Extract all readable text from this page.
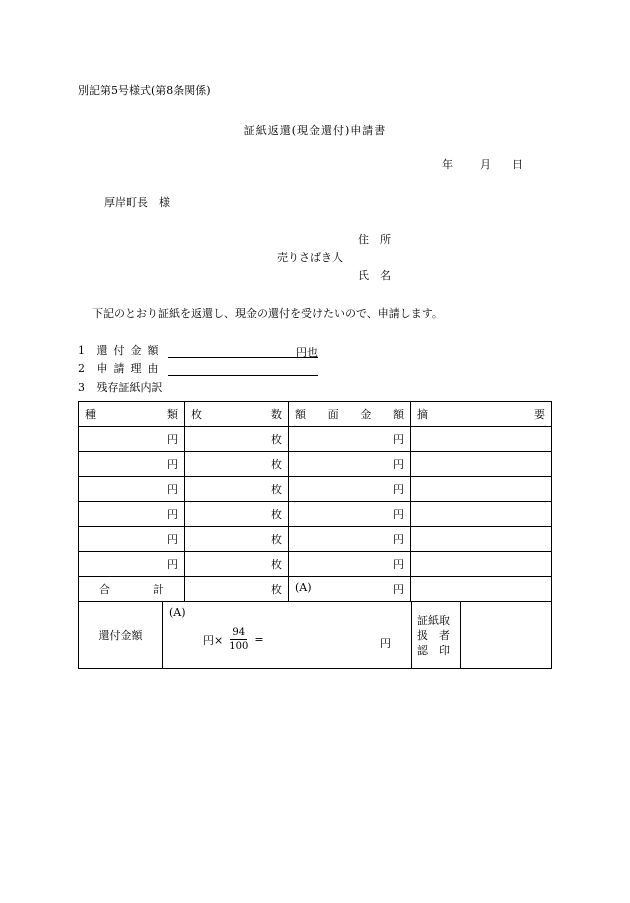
別記第5号様式(第8条関係)
証紙返還(現金還付)申請書
年 月 日
厚岸町長　様
住　所
売りさばき人
氏　名
下記のとおり証紙を返還し、現金の還付を受けたいので、申請します。
1 還付金額	円也
2 申請理由
3 残存証紙内訳
種 類	枚 数	額 面 金 額	摘 要

円	枚	円	
円	枚	円	
円	枚	円	
円	枚	円	
円	枚	円	
円	枚	円	

合 計	枚	(A) 円	

還付金額	
(A)
円× $\frac{94}{100}$ =	円

証紙取
扱　者
認　印
